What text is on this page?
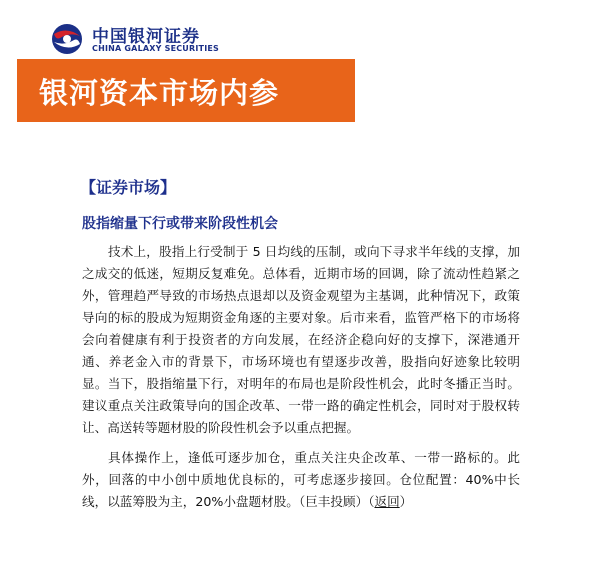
中国银河证券
CHINA GALAXY SECURITIES
银河资本市场内参
【证券市场】
股指缩量下行或带来阶段性机会

技术上，股指上行受制于 5 日均线的压制，或向下寻求半年线的支撑，加之成交的低迷，短期反复难免。总体看，近期市场的回调，除了流动性趋紧之外，管理趋严导致的市场热点退却以及资金观望为主基调，此种情况下，政策导向的标的股成为短期资金角逐的主要对象。后市来看，监管严格下的市场将会向着健康有利于投资者的方向发展，在经济企稳向好的支撑下，深港通开通、养老金入市的背景下，市场环境也有望逐步改善，股指向好迹象比较明显。当下，股指缩量下行，对明年的布局也是阶段性机会，此时冬播正当时。建议重点关注政策导向的国企改革、一带一路的确定性机会，同时对于股权转让、高送转等题材股的阶段性机会予以重点把握。

具体操作上，逢低可逐步加仓，重点关注央企改革、一带一路标的。此外，回落的中小创中质地优良标的，可考虑逐步接回。仓位配置：40%中长线，以蓝筹股为主，20%小盘题材股。（巨丰投顾）（返回）
